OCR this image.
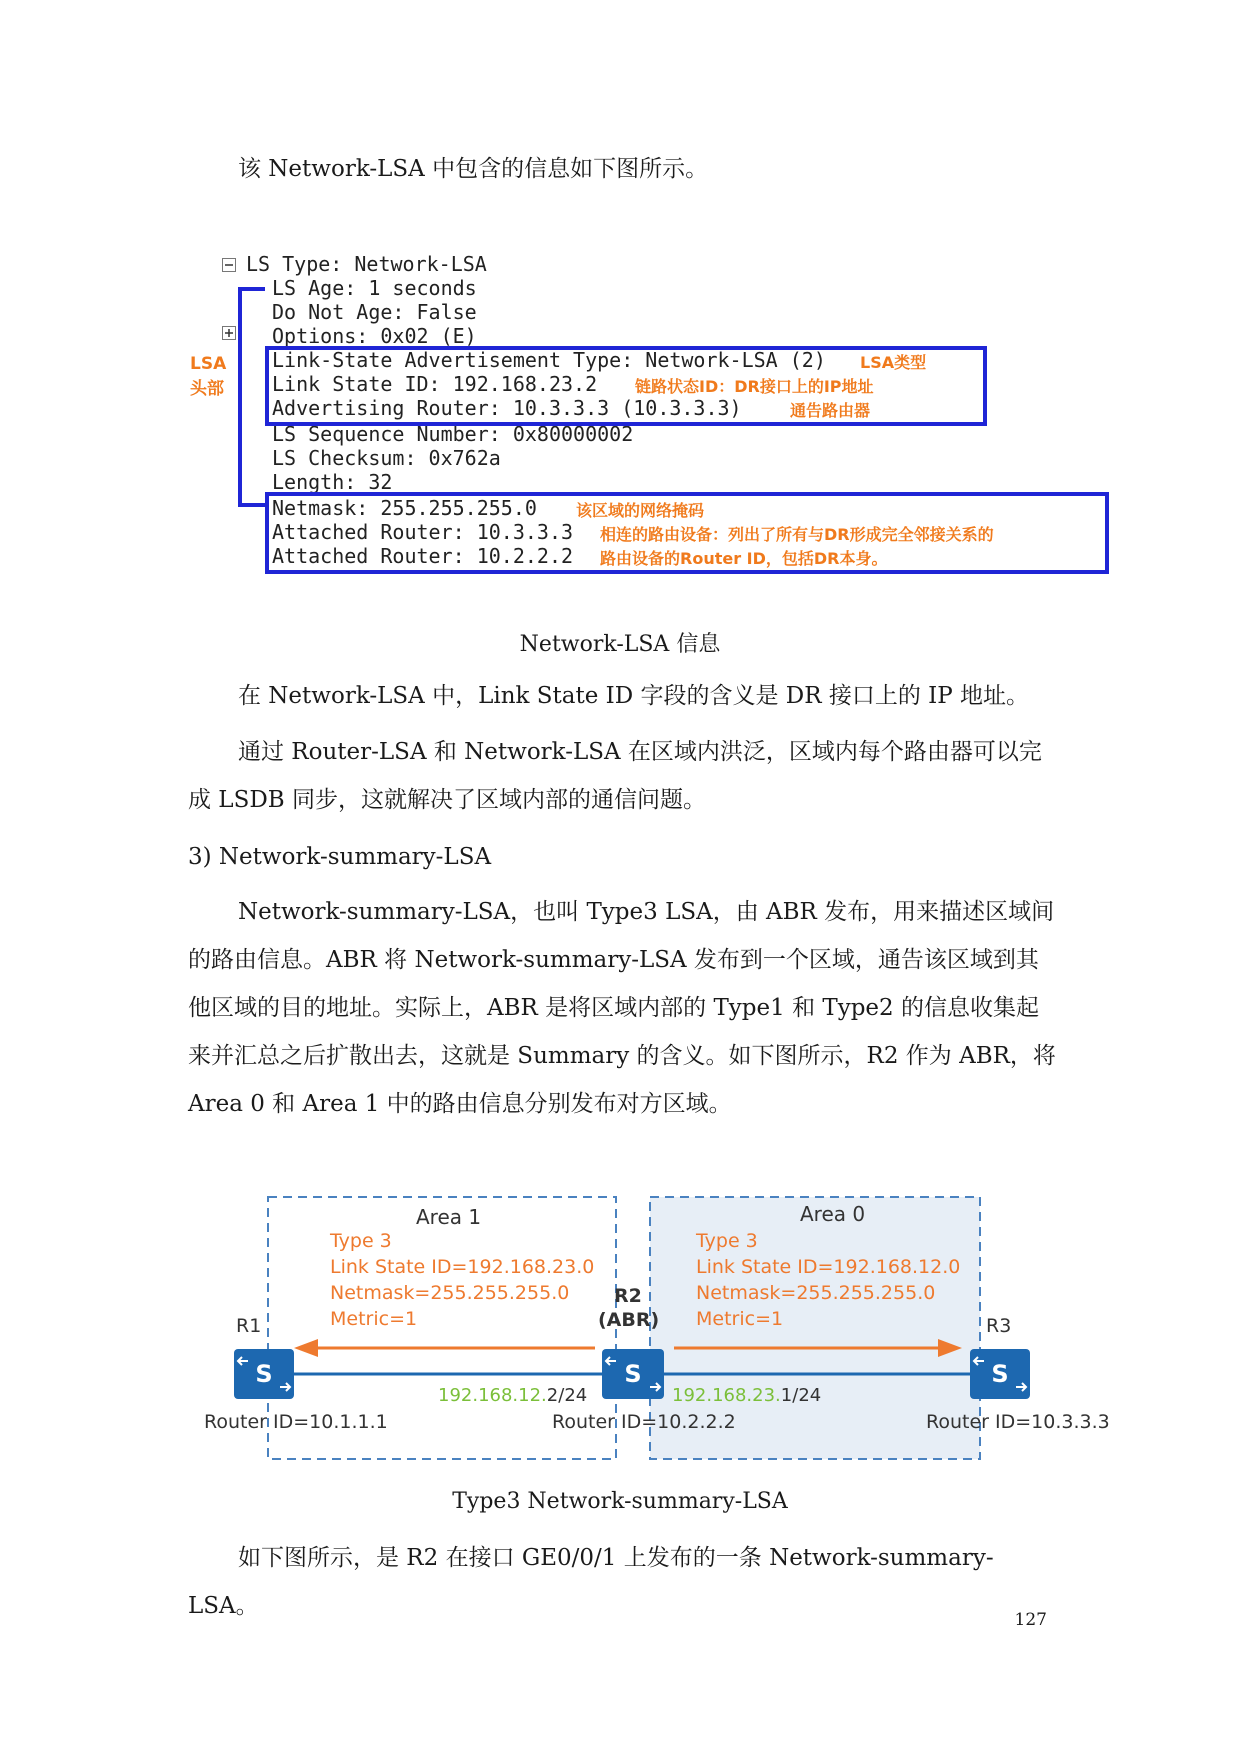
该 Network-LSA 中包含的信息如下图所示。

LS Type: Network-LSA

LS Age: 1 seconds

Do Not Age: False

Options: 0x02 (E)

Link-State Advertisement Type: Network-LSA (2)

Link State ID: 192.168.23.2

Advertising Router: 10.3.3.3 (10.3.3.3)

LS Sequence Number: 0x80000002

LS Checksum: 0x762a

Length: 32

Netmask: 255.255.255.0

Attached Router: 10.3.3.3

Attached Router: 10.2.2.2

LSA

头部

LSA类型

链路状态ID：DR接口上的IP地址

通告路由器

该区域的网络掩码

相连的路由设备：列出了所有与DR形成完全邻接关系的

路由设备的Router ID，包括DR本身。

Network-LSA 信息

在 Network-LSA 中，Link State ID 字段的含义是 DR 接口上的 IP 地址。

通过 Router-LSA 和 Network-LSA 在区域内洪泛，区域内每个路由器可以完成 LSDB 同步，这就解决了区域内部的通信问题。

3) Network-summary-LSA

Network-summary-LSA，也叫 Type3 LSA，由 ABR 发布，用来描述区域间的路由信息。ABR 将 Network-summary-LSA 发布到一个区域，通告该区域到其他区域的目的地址。实际上，ABR 是将区域内部的 Type1 和 Type2 的信息收集起来并汇总之后扩散出去，这就是 Summary 的含义。如下图所示，R2 作为 ABR，将 Area 0 和 Area 1 中的路由信息分别发布对方区域。

S	S	S

Area 1

Type 3

Link State ID=192.168.23.0

Netmask=255.255.255.0

Metric=1

Area 0

Type 3

Link State ID=192.168.12.0

Netmask=255.255.255.0

Metric=1

R1

R2

(ABR)	R3

Router ID=10.1.1.1	Router ID=10.2.2.2	Router ID=10.3.3.3

192.168.12.2/24	192.168.23.1/24

Type3 Network-summary-LSA

如下图所示，是 R2 在接口 GE0/0/1 上发布的一条 Network-summary-LSA。

127
